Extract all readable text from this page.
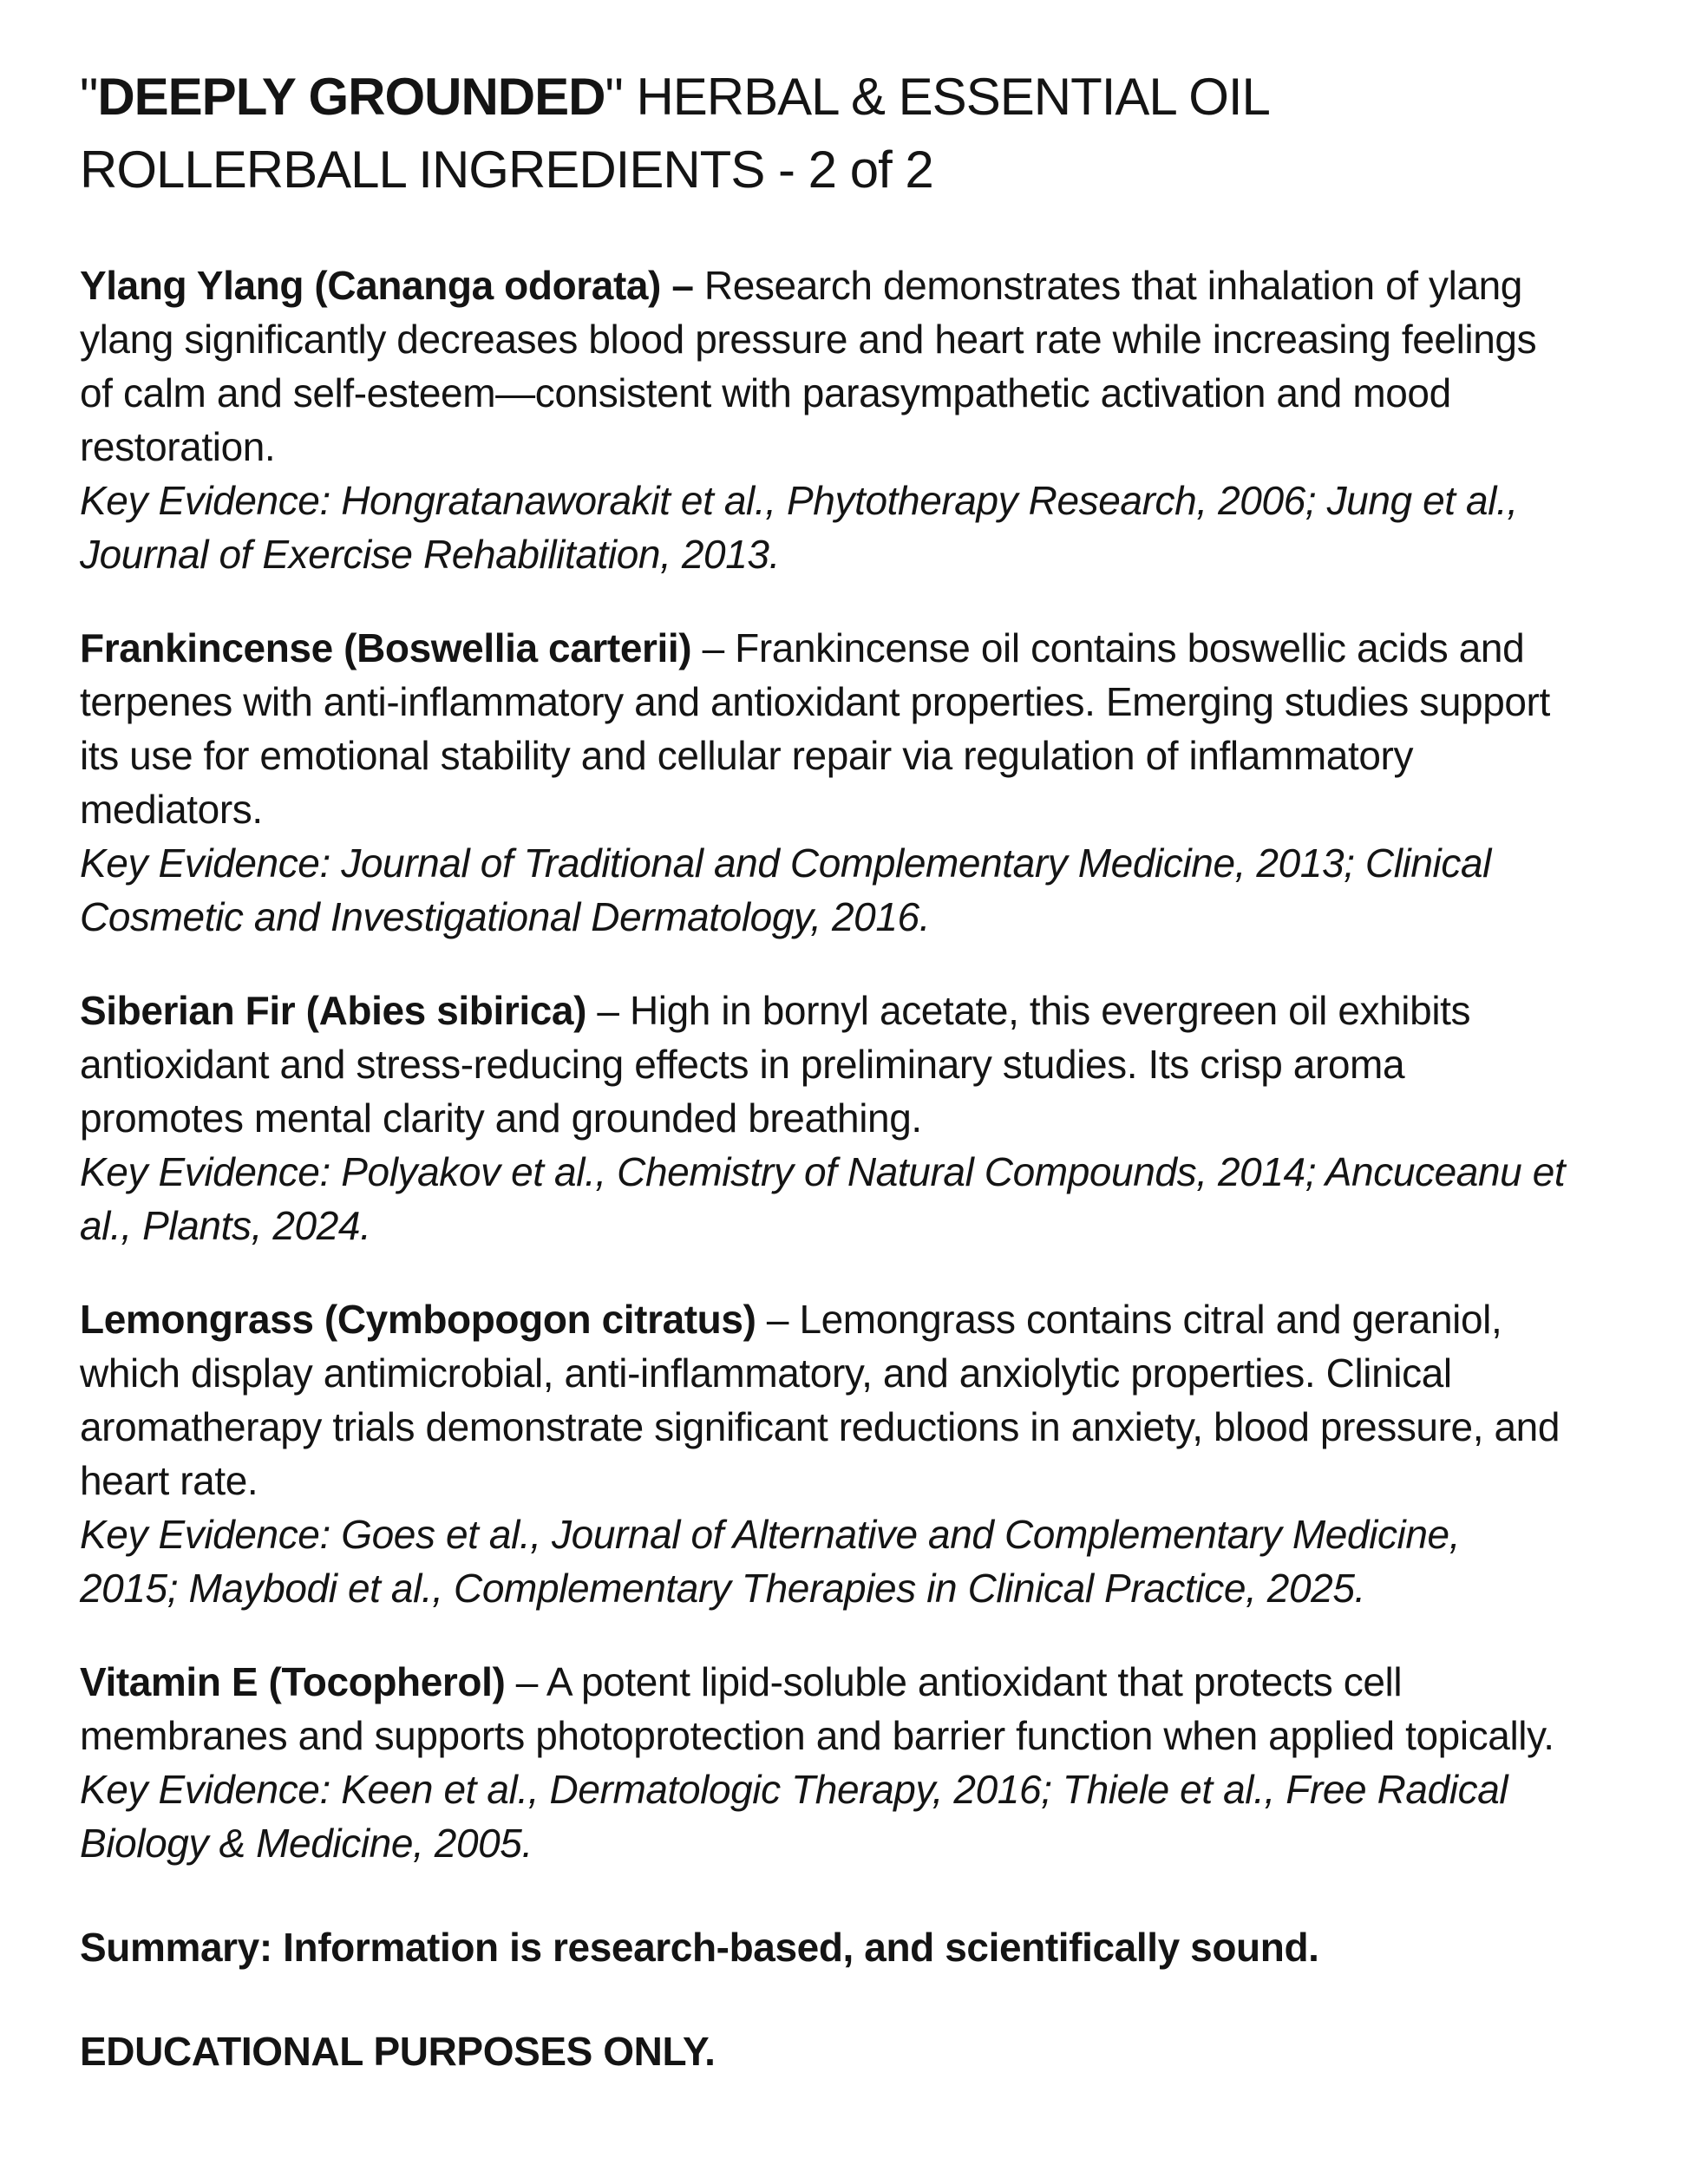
"DEEPLY GROUNDED" HERBAL & ESSENTIAL OIL ROLLERBALL INGREDIENTS - 2 of 2

Ylang Ylang (Cananga odorata) – Research demonstrates that inhalation of ylang ylang significantly decreases blood pressure and heart rate while increasing feelings of calm and self-esteem—consistent with parasympathetic activation and mood restoration.

Key Evidence: Hongratanaworakit et al., Phytotherapy Research, 2006; Jung et al., Journal of Exercise Rehabilitation, 2013.

Frankincense (Boswellia carterii) – Frankincense oil contains boswellic acids and terpenes with anti-inflammatory and antioxidant properties. Emerging studies support its use for emotional stability and cellular repair via regulation of inflammatory mediators.

Key Evidence: Journal of Traditional and Complementary Medicine, 2013; Clinical Cosmetic and Investigational Dermatology, 2016.

Siberian Fir (Abies sibirica) – High in bornyl acetate, this evergreen oil exhibits antioxidant and stress-reducing effects in preliminary studies. Its crisp aroma promotes mental clarity and grounded breathing.

Key Evidence: Polyakov et al., Chemistry of Natural Compounds, 2014; Ancuceanu et al., Plants, 2024.

Lemongrass (Cymbopogon citratus) – Lemongrass contains citral and geraniol, which display antimicrobial, anti-inflammatory, and anxiolytic properties. Clinical aromatherapy trials demonstrate significant reductions in anxiety, blood pressure, and heart rate.

Key Evidence: Goes et al., Journal of Alternative and Complementary Medicine, 2015; Maybodi et al., Complementary Therapies in Clinical Practice, 2025.

Vitamin E (Tocopherol) – A potent lipid-soluble antioxidant that protects cell membranes and supports photoprotection and barrier function when applied topically.

Key Evidence: Keen et al., Dermatologic Therapy, 2016; Thiele et al., Free Radical Biology & Medicine, 2005.

Summary: Information is research-based, and scientifically sound.

EDUCATIONAL PURPOSES ONLY.
